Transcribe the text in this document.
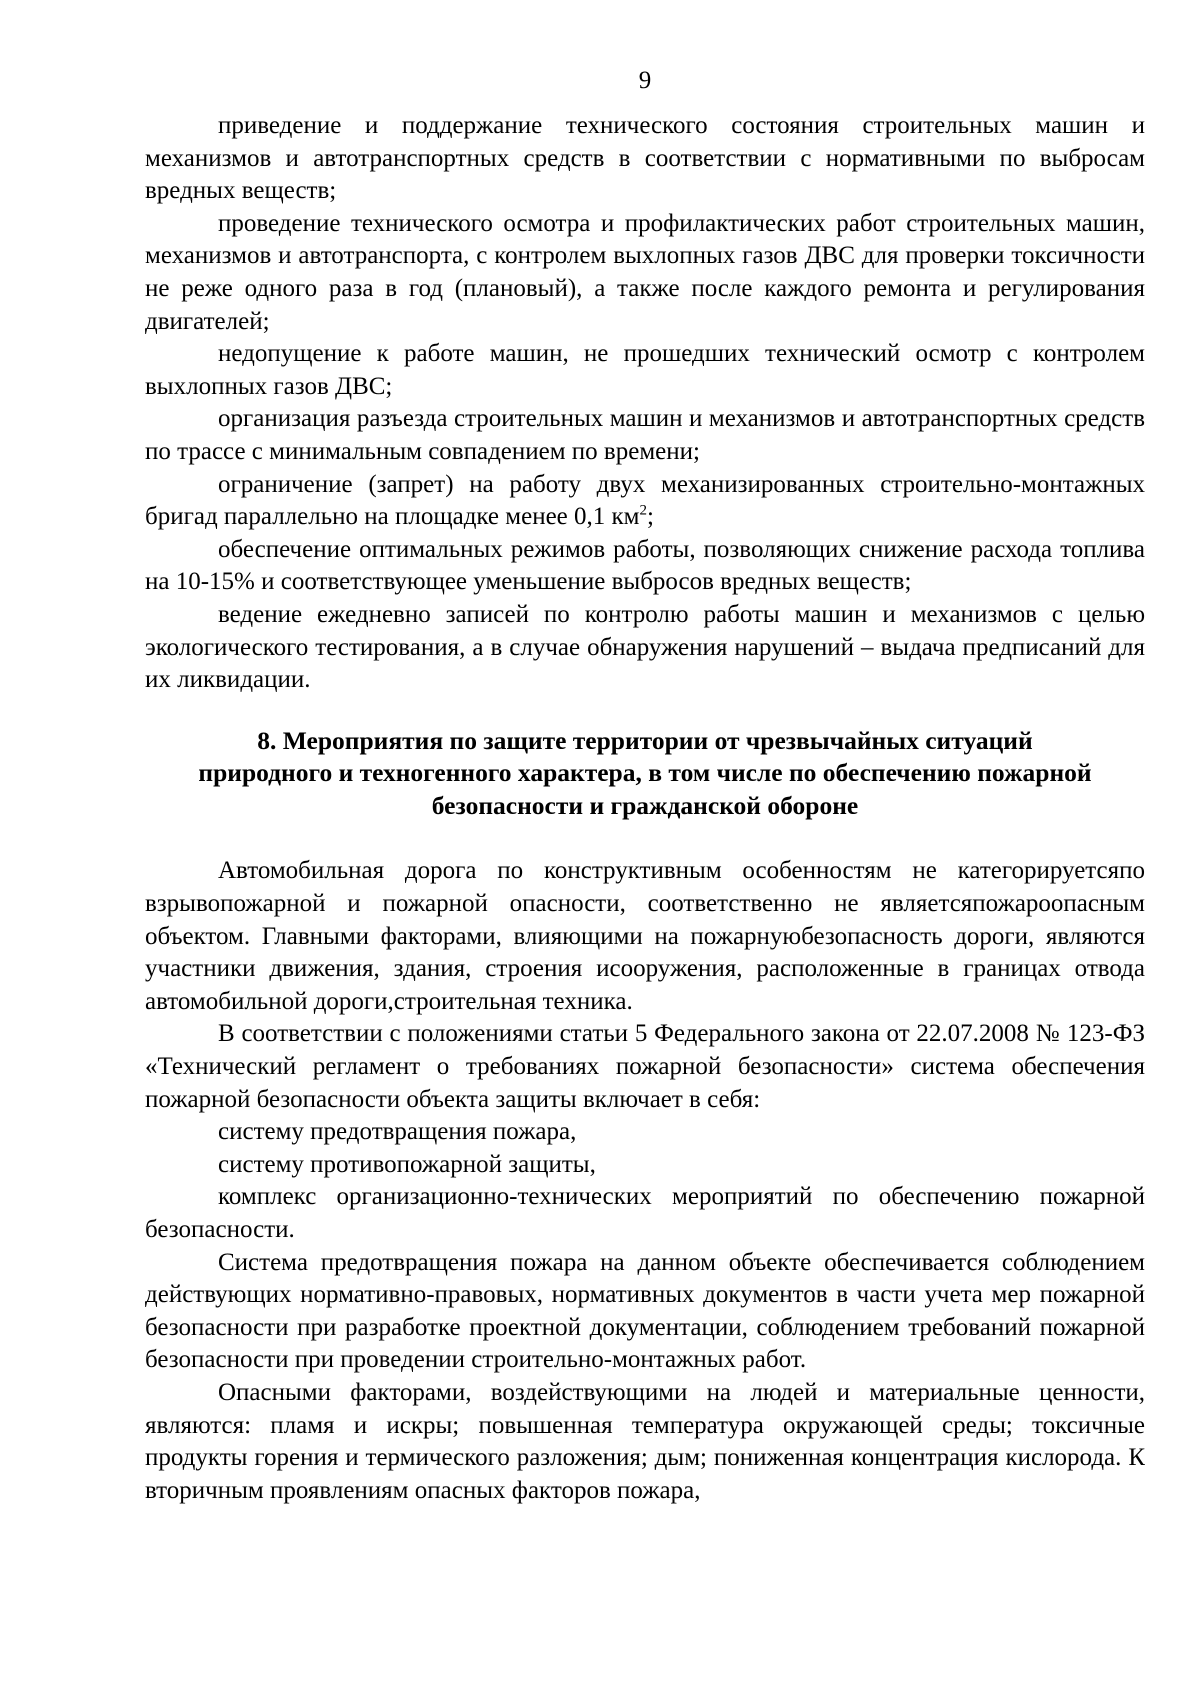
9

приведение и поддержание технического состояния строительных машин и механизмов и автотранспортных средств в соответствии с нормативными по выбросам вредных веществ;

проведение технического осмотра и профилактических работ строительных машин, механизмов и автотранспорта, с контролем выхлопных газов ДВС для проверки токсичности не реже одного раза в год (плановый), а также после каждого ремонта и регулирования двигателей;

недопущение к работе машин, не прошедших технический осмотр с контролем выхлопных газов ДВС;

организация разъезда строительных машин и механизмов и автотранспортных средств по трассе с минимальным совпадением по времени;

ограничение (запрет) на работу двух механизированных строительно-монтажных бригад параллельно на площадке менее 0,1 $км^2$;

обеспечение оптимальных режимов работы, позволяющих снижение расхода топлива на 10-15% и соответствующее уменьшение выбросов вредных веществ;

ведение ежедневно записей по контролю работы машин и механизмов с целью экологического тестирования, а в случае обнаружения нарушений – выдача предписаний для их ликвидации.

8. Мероприятия по защите территории от чрезвычайных ситуаций
природного и техногенного характера, в том числе по обеспечению пожарной
безопасности и гражданской обороне

Автомобильная дорога по конструктивным особенностям не категорируетсяпо взрывопожарной и пожарной опасности, соответственно не являетсяпожароопасным объектом. Главными факторами, влияющими на пожарнуюбезопасность дороги, являются участники движения, здания, строения исооружения, расположенные в границах отвода автомобильной дороги,строительная техника.

В соответствии с положениями статьи 5 Федерального закона от 22.07.2008 № 123-ФЗ «Технический регламент о требованиях пожарной безопасности» система обеспечения пожарной безопасности объекта защиты включает в себя:

систему предотвращения пожара,

систему противопожарной защиты,

комплекс организационно-технических мероприятий по обеспечению пожарной безопасности.

Система предотвращения пожара на данном объекте обеспечивается соблюдением действующих нормативно-правовых, нормативных документов в части учета мер пожарной безопасности при разработке проектной документации, соблюдением требований пожарной безопасности при проведении строительно-монтажных работ.

Опасными факторами, воздействующими на людей и материальные ценности, являются: пламя и искры; повышенная температура окружающей среды; токсичные продукты горения и термического разложения; дым; пониженная концентрация кислорода. К вторичным проявлениям опасных факторов пожара,
